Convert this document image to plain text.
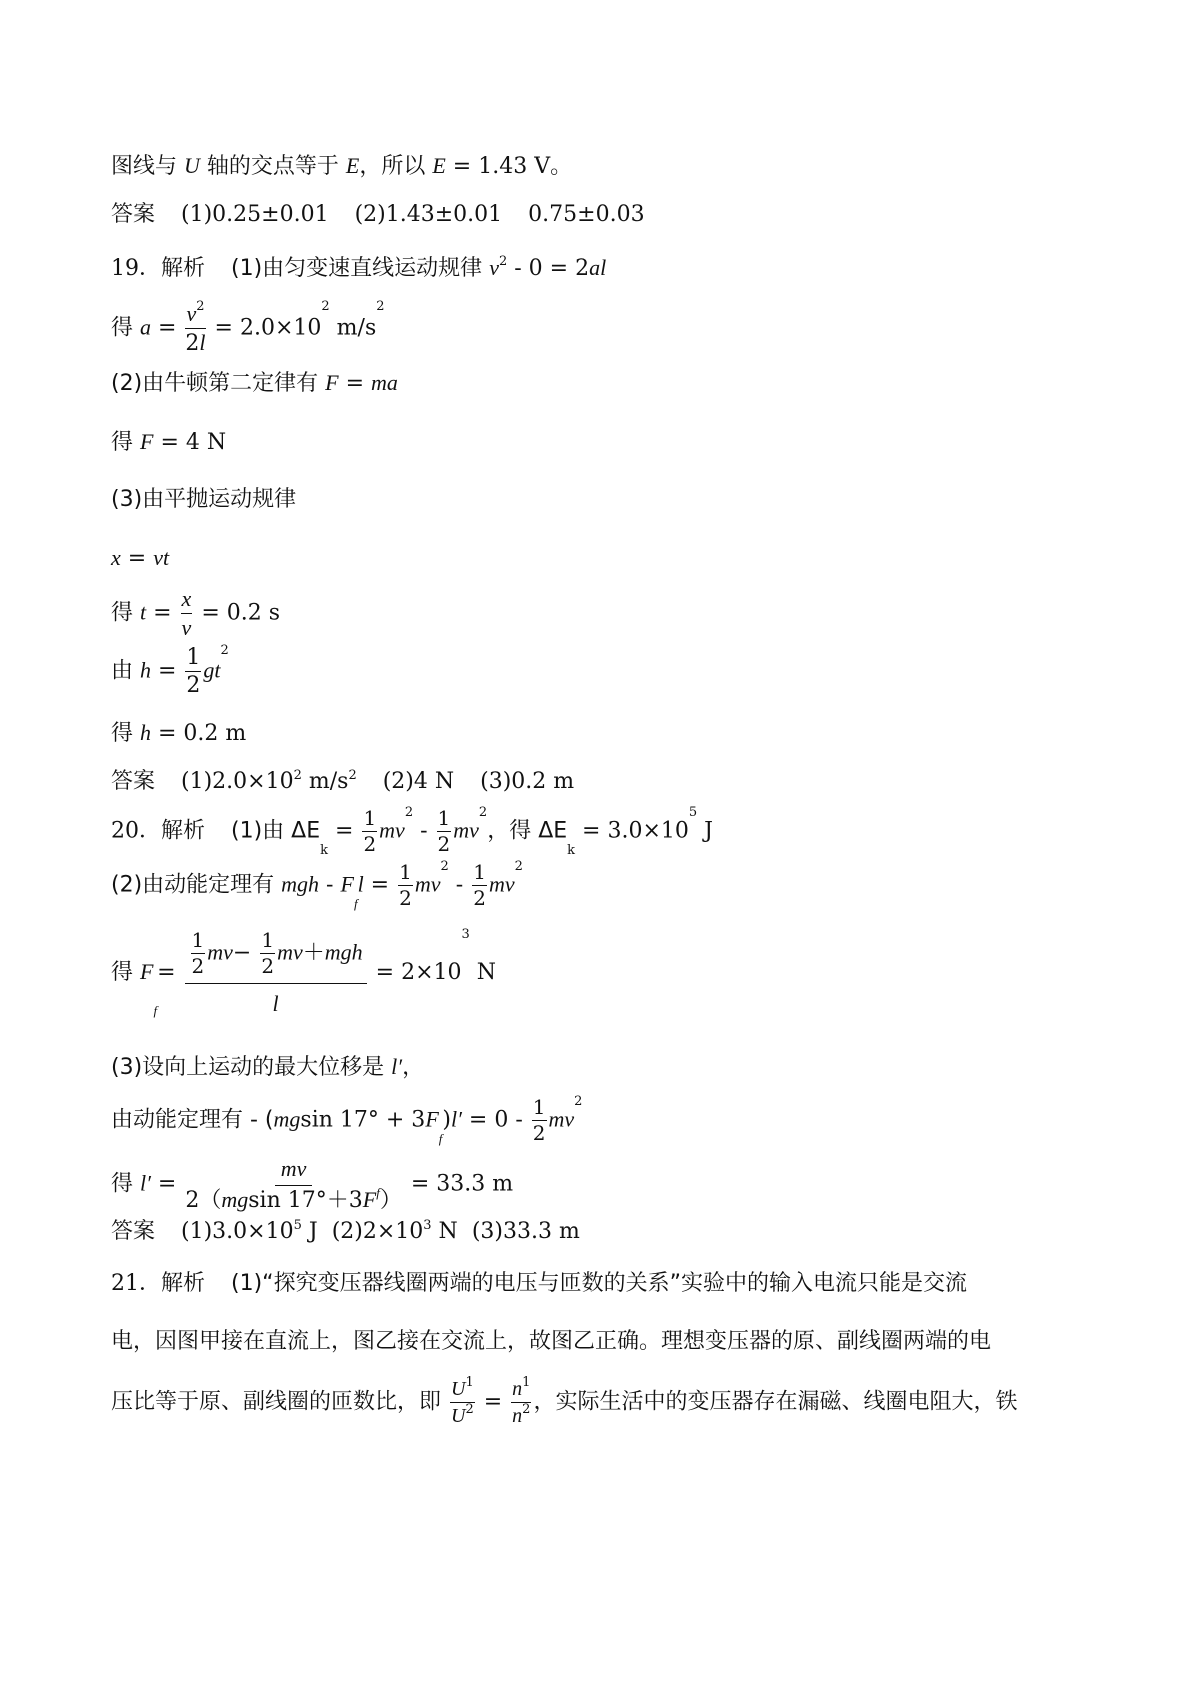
图线与 U 轴的交点等于 E，所以 E = 1.43 V。
答案 (1)0.25±0.01 (2)1.43±0.01 0.75±0.03
19．解析 (1)由匀变速直线运动规律 $v^2 - 0 = 2al$
得 $a = \frac{v^2}{2l} = 2.0\times 10^2$ $m/s^2$
(2)由牛顿第二定律有 F = ma
得 F = 4 N
(3)由平抛运动规律
x = vt
得 $t = \frac{x}{v} = 0.2$ s
由 $h = \frac{1}{2} gt^2$
得 h = 0.2 m
答案 $(1)2.0\times 10^2$ $m/s^2$ (2)4 N (3)0.2 m
20．解析 (1)由 $\Delta E_k = \frac{1}{2} mv^2 - \frac{1}{2} mv^2$，得 $\Delta E_k = 3.0\times 10^5$ J
(2)由动能定理有 mgh - $F_fl = \frac{1}{2} mv^2 - \frac{1}{2} mv^2$
得 $F_f= \frac{\frac{1}{2} mv- \frac{1}{2} mv+mgh}{l} = 2\times 10^3$ N
(3)设向上运动的最大位移是 l′，
由动能定理有 - (mgsin $17^\circ + 3F_f)l' = 0 - \frac{1}{2} mv^2$
得 $l' = \frac{mv}{2(mgsin 17^\circ+3F^f)} = 33.3$ m
答案 $(1)3.0\times 10^5$ J $(2)2\times 10^3$ N (3)33.3 m
21．解析 (1)“探究变压器线圈两端的电压与匝数的关系”实验中的输入电流只能是交流
电，因图甲接在直流上，图乙接在交流上，故图乙正确。理想变压器的原、副线圈两端的电
压比等于原、副线圈的匝数比，即 $\frac{U^1}{U^2} = \frac{n^1}{n^2}$ ，实际生活中的变压器存在漏磁、线圈电阻大，铁
